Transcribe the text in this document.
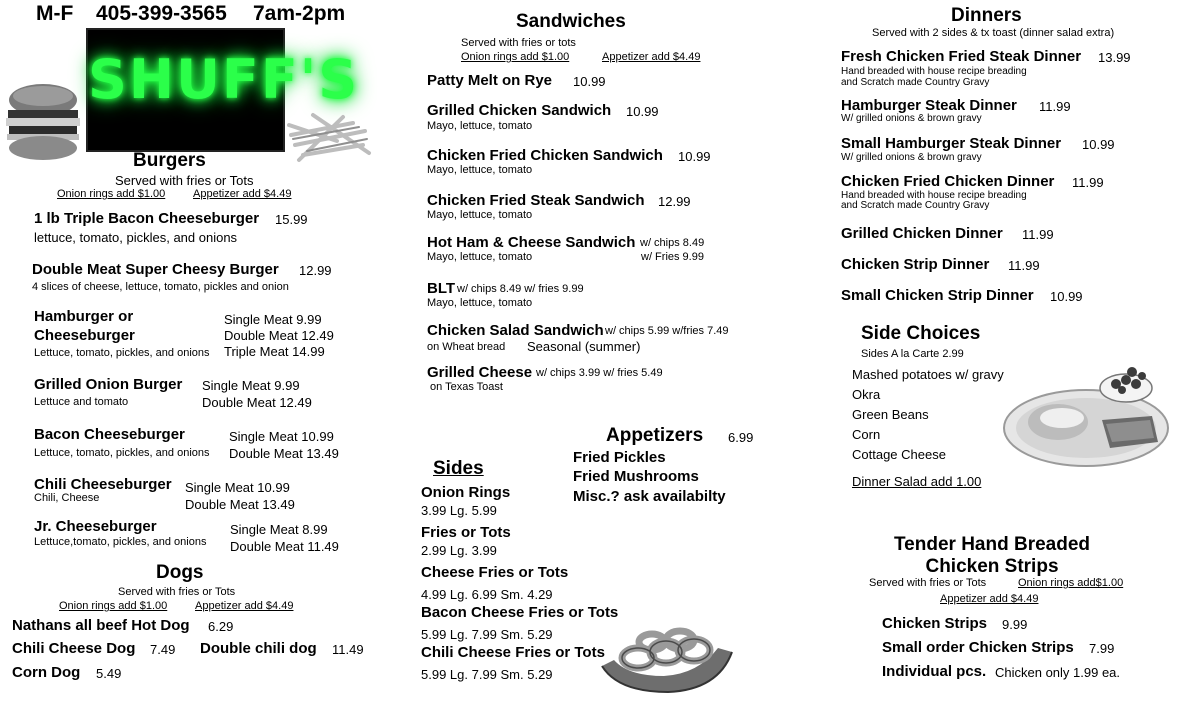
M-F 405-399-3565 7am-2pm
SHUFF'S
Burgers
Served with fries or Tots
Onion rings add $1.00	Appetizer add $4.49
1 lb Triple Bacon Cheeseburger 15.99
lettuce, tomato, pickles, and onions
Double Meat Super Cheesy Burger 12.99
4 slices of cheese, lettuce, tomato, pickles and onion
Hamburger or
Cheeseburger
Lettuce, tomato, pickles, and onions
Single Meat 9.99
Double Meat 12.49
Triple Meat 14.99
Grilled Onion Burger
Lettuce and tomato
Single Meat 9.99
Double Meat 12.49
Bacon Cheeseburger
Lettuce, tomato, pickles, and onions
Single Meat 10.99
Double Meat 13.49
Chili Cheeseburger
Chili, Cheese
Single Meat 10.99
Double Meat 13.49
Jr. Cheeseburger
Lettuce,tomato, pickles, and onions
Single Meat 8.99
Double Meat 11.49
Dogs
Served with fries or Tots
Onion rings add $1.00	Appetizer add $4.49
Nathans all beef Hot Dog 6.29
Chili Cheese Dog 7.49 Double chili dog 11.49
Corn Dog 5.49
Sandwiches
Served with fries or tots
Onion rings add $1.00	Appetizer add $4.49
Patty Melt on Rye 10.99
Grilled Chicken Sandwich 10.99
Mayo, lettuce, tomato
Chicken Fried Chicken Sandwich 10.99
Mayo, lettuce, tomato
Chicken Fried Steak Sandwich 12.99
Mayo, lettuce, tomato
Hot Ham & Cheese Sandwich w/ chips 8.49
Mayo, lettuce, tomato	w/ Fries 9.99
BLT w/ chips 8.49 w/ fries 9.99
Mayo, lettuce, tomato
Chicken Salad Sandwich w/ chips 5.99 w/fries 7.49
on Wheat bread Seasonal (summer)
Grilled Cheese w/ chips 3.99 w/ fries 5.49
on Texas Toast
Appetizers 6.99
Fried Pickles
Fried Mushrooms
Misc.? ask availabilty
Sides
Onion Rings
3.99 Lg. 5.99
Fries or Tots
2.99 Lg. 3.99
Cheese Fries or Tots
4.99 Lg. 6.99 Sm. 4.29
Bacon Cheese Fries or Tots
5.99 Lg. 7.99 Sm. 5.29
Chili Cheese Fries or Tots
5.99 Lg. 7.99 Sm. 5.29
Dinners
Served with 2 sides & tx toast (dinner salad extra)
Fresh Chicken Fried Steak Dinner 13.99
Hand breaded with house recipe breading
and Scratch made Country Gravy
Hamburger Steak Dinner 11.99
W/ grilled onions & brown gravy
Small Hamburger Steak Dinner 10.99
W/ grilled onions & brown gravy
Chicken Fried Chicken Dinner 11.99
Hand breaded with house recipe breading
and Scratch made Country Gravy
Grilled Chicken Dinner 11.99
Chicken Strip Dinner 11.99
Small Chicken Strip Dinner 10.99
Side Choices
Sides A la Carte 2.99
Mashed potatoes w/ gravy
Okra
Green Beans
Corn
Cottage Cheese
Dinner Salad add 1.00
Tender Hand Breaded
Chicken Strips
Served with fries or Tots	Onion rings add$1.00
Appetizer add $4.49
Chicken Strips 9.99
Small order Chicken Strips 7.99
Individual pcs. Chicken only 1.99 ea.
